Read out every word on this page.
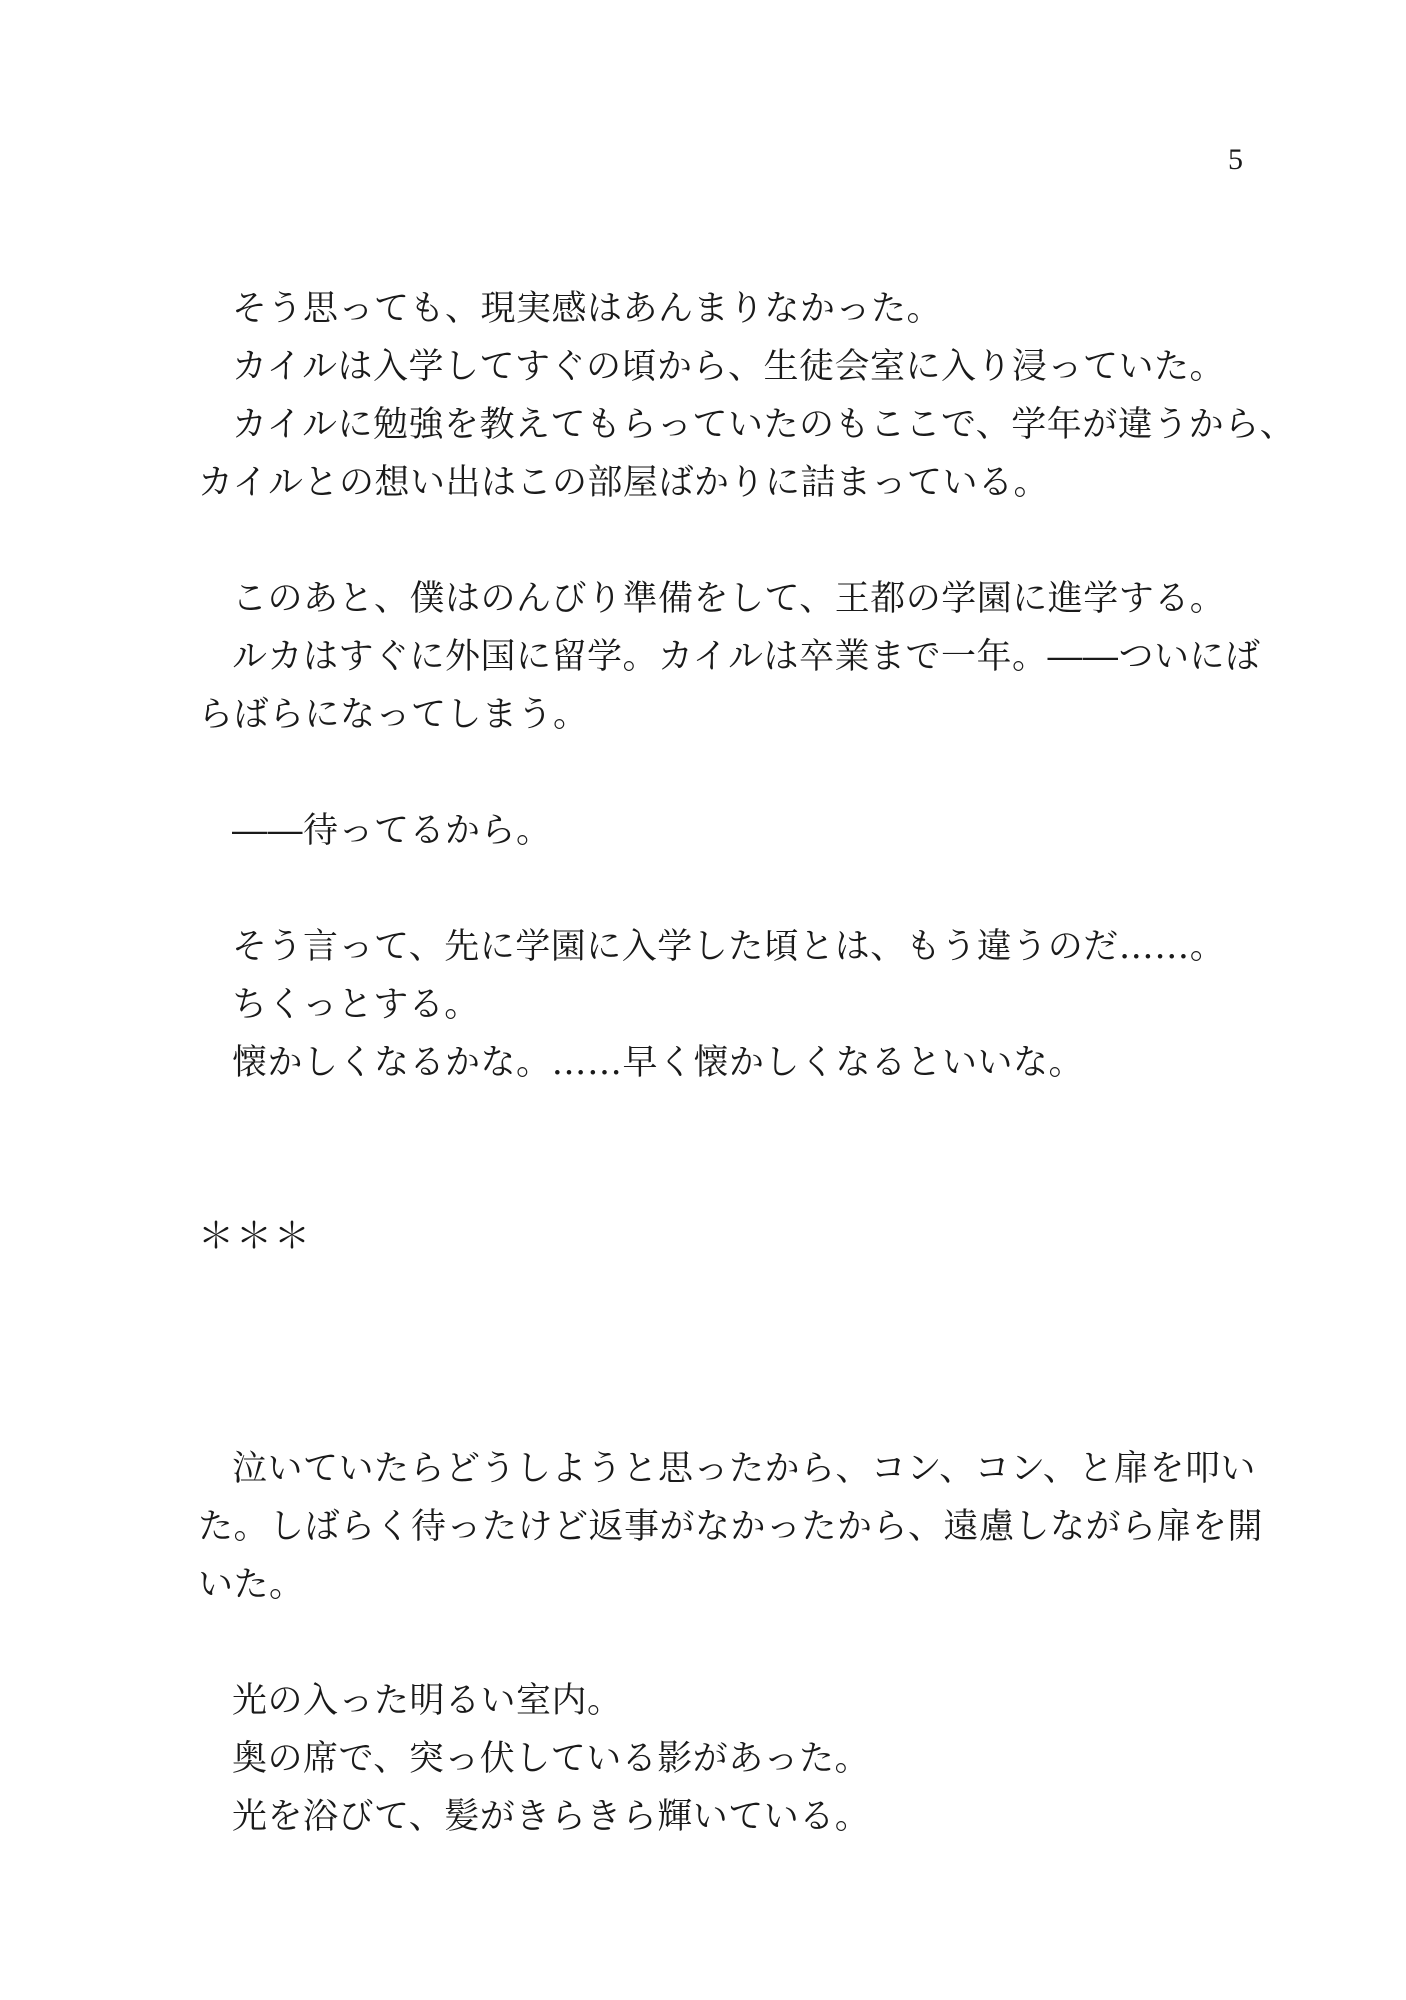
5
そう思っても、現実感はあんまりなかった。
カイルは入学してすぐの頃から、生徒会室に入り浸っていた。
カイルに勉強を教えてもらっていたのもここで、学年が違うから、
カイルとの想い出はこの部屋ばかりに詰まっている。
このあと、僕はのんびり準備をして、王都の学園に進学する。
ルカはすぐに外国に留学。カイルは卒業まで一年。――ついにば
らばらになってしまう。
――待ってるから。
そう言って、先に学園に入学した頃とは、もう違うのだ……。
ちくっとする。
懐かしくなるかな。……早く懐かしくなるといいな。
＊＊＊
泣いていたらどうしようと思ったから、コン、コン、と扉を叩い
た。しばらく待ったけど返事がなかったから、遠慮しながら扉を開
いた。
光の入った明るい室内。
奥の席で、突っ伏している影があった。
光を浴びて、髪がきらきら輝いている。
